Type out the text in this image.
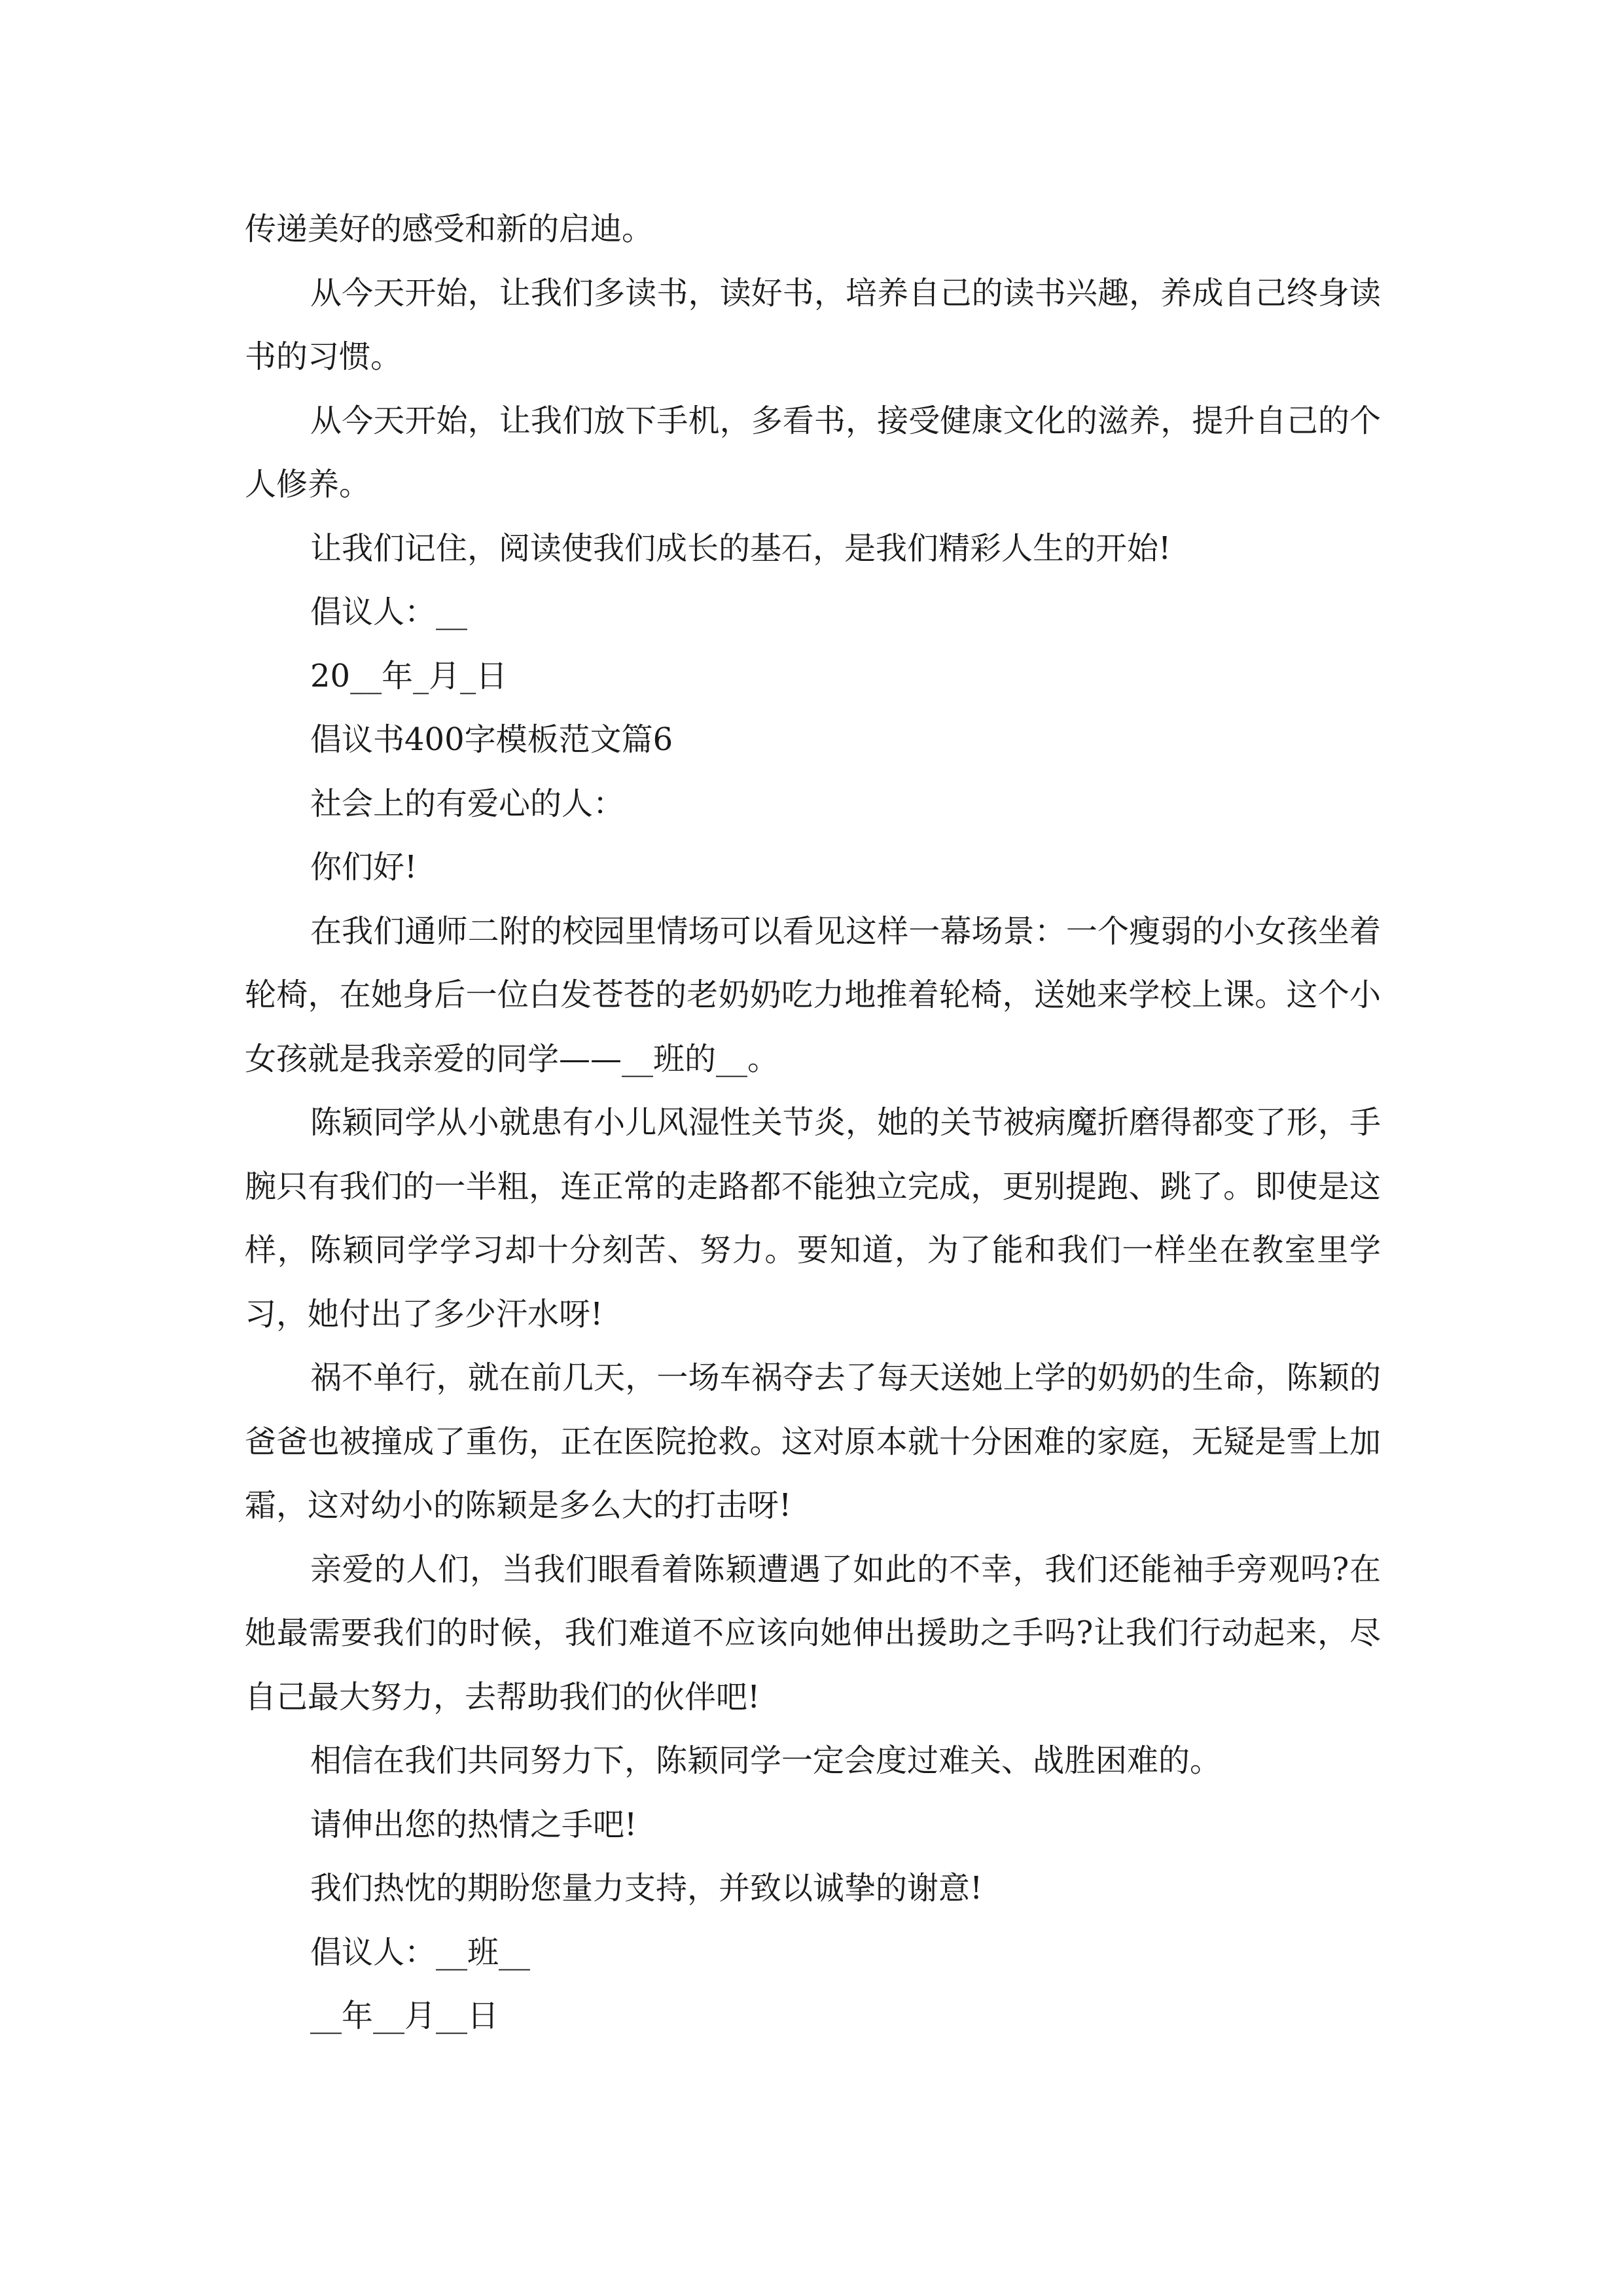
传递美好的感受和新的启迪。

从今天开始，让我们多读书，读好书，培养自己的读书兴趣，养成自己终身读书的习惯。

从今天开始，让我们放下手机，多看书，接受健康文化的滋养，提升自己的个人修养。

让我们记住，阅读使我们成长的基石，是我们精彩人生的开始!

倡议人：__

20__年_月_日

倡议书400字模板范文篇6

社会上的有爱心的人：

你们好!

在我们通师二附的校园里情场可以看见这样一幕场景：一个瘦弱的小女孩坐着轮椅，在她身后一位白发苍苍的老奶奶吃力地推着轮椅，送她来学校上课。这个小女孩就是我亲爱的同学——__班的__。

陈颖同学从小就患有小儿风湿性关节炎，她的关节被病魔折磨得都变了形，手腕只有我们的一半粗，连正常的走路都不能独立完成，更别提跑、跳了。即使是这样，陈颖同学学习却十分刻苦、努力。要知道，为了能和我们一样坐在教室里学习，她付出了多少汗水呀!

祸不单行，就在前几天，一场车祸夺去了每天送她上学的奶奶的生命，陈颖的爸爸也被撞成了重伤，正在医院抢救。这对原本就十分困难的家庭，无疑是雪上加霜，这对幼小的陈颖是多么大的打击呀!

亲爱的人们，当我们眼看着陈颖遭遇了如此的不幸，我们还能袖手旁观吗?在她最需要我们的时候，我们难道不应该向她伸出援助之手吗?让我们行动起来，尽自己最大努力，去帮助我们的伙伴吧!

相信在我们共同努力下，陈颖同学一定会度过难关、战胜困难的。

请伸出您的热情之手吧!

我们热忱的期盼您量力支持，并致以诚挚的谢意!

倡议人：__班__

__年__月__日
